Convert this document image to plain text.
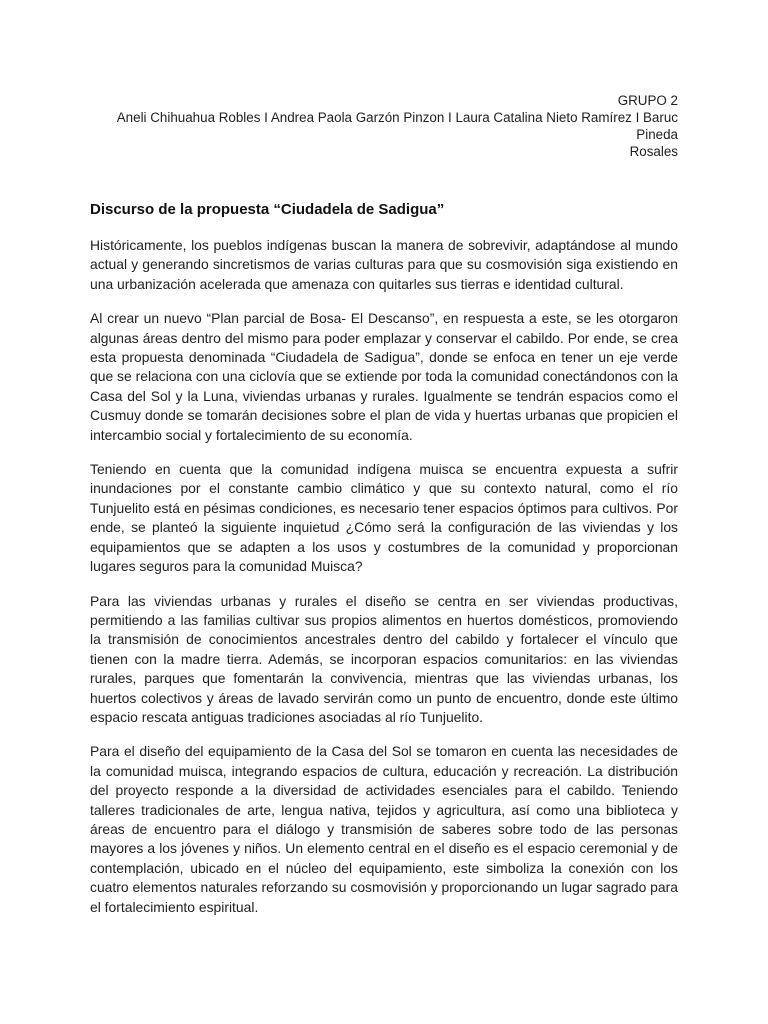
GRUPO 2
Aneli Chihuahua Robles I Andrea Paola Garzón Pinzon I Laura Catalina Nieto Ramírez I Baruc Pineda
Rosales
Discurso de la propuesta “Ciudadela de Sadigua”

Históricamente, los pueblos indígenas buscan la manera de sobrevivir, adaptándose al mundo actual y generando sincretismos de varias culturas para que su cosmovisión siga existiendo en una urbanización acelerada que amenaza con quitarles sus tierras e identidad cultural.

Al crear un nuevo “Plan parcial de Bosa- El Descanso”, en respuesta a este, se les otorgaron algunas áreas dentro del mismo para poder emplazar y conservar el cabildo. Por ende, se crea esta propuesta denominada “Ciudadela de Sadigua”, donde se enfoca en tener un eje verde que se relaciona con una ciclovía que se extiende por toda la comunidad conectándonos con la Casa del Sol y la Luna, viviendas urbanas y rurales. Igualmente se tendrán espacios como el Cusmuy donde se tomarán decisiones sobre el plan de vida y huertas urbanas que propicien el intercambio social y fortalecimiento de su economía.

Teniendo en cuenta que la comunidad indígena muisca se encuentra expuesta a sufrir inundaciones por el constante cambio climático y que su contexto natural, como el río Tunjuelito está en pésimas condiciones, es necesario tener espacios óptimos para cultivos. Por ende, se planteó la siguiente inquietud ¿Cómo será la configuración de las viviendas y los equipamientos que se adapten a los usos y costumbres de la comunidad y proporcionan lugares seguros para la comunidad Muisca?

Para las viviendas urbanas y rurales el diseño se centra en ser viviendas productivas, permitiendo a las familias cultivar sus propios alimentos en huertos domésticos, promoviendo la transmisión de conocimientos ancestrales dentro del cabildo y fortalecer el vínculo que tienen con la madre tierra. Además, se incorporan espacios comunitarios: en las viviendas rurales, parques que fomentarán la convivencia, mientras que las viviendas urbanas, los huertos colectivos y áreas de lavado servirán como un punto de encuentro, donde este último espacio rescata antiguas tradiciones asociadas al río Tunjuelito.

Para el diseño del equipamiento de la Casa del Sol se tomaron en cuenta las necesidades de la comunidad muisca, integrando espacios de cultura, educación y recreación. La distribución del proyecto responde a la diversidad de actividades esenciales para el cabildo. Teniendo talleres tradicionales de arte, lengua nativa, tejidos y agricultura, así como una biblioteca y áreas de encuentro para el diálogo y transmisión de saberes sobre todo de las personas mayores a los jóvenes y niños. Un elemento central en el diseño es el espacio ceremonial y de contemplación, ubicado en el núcleo del equipamiento, este simboliza la conexión con los cuatro elementos naturales reforzando su cosmovisión y proporcionando un lugar sagrado para el fortalecimiento espiritual.
